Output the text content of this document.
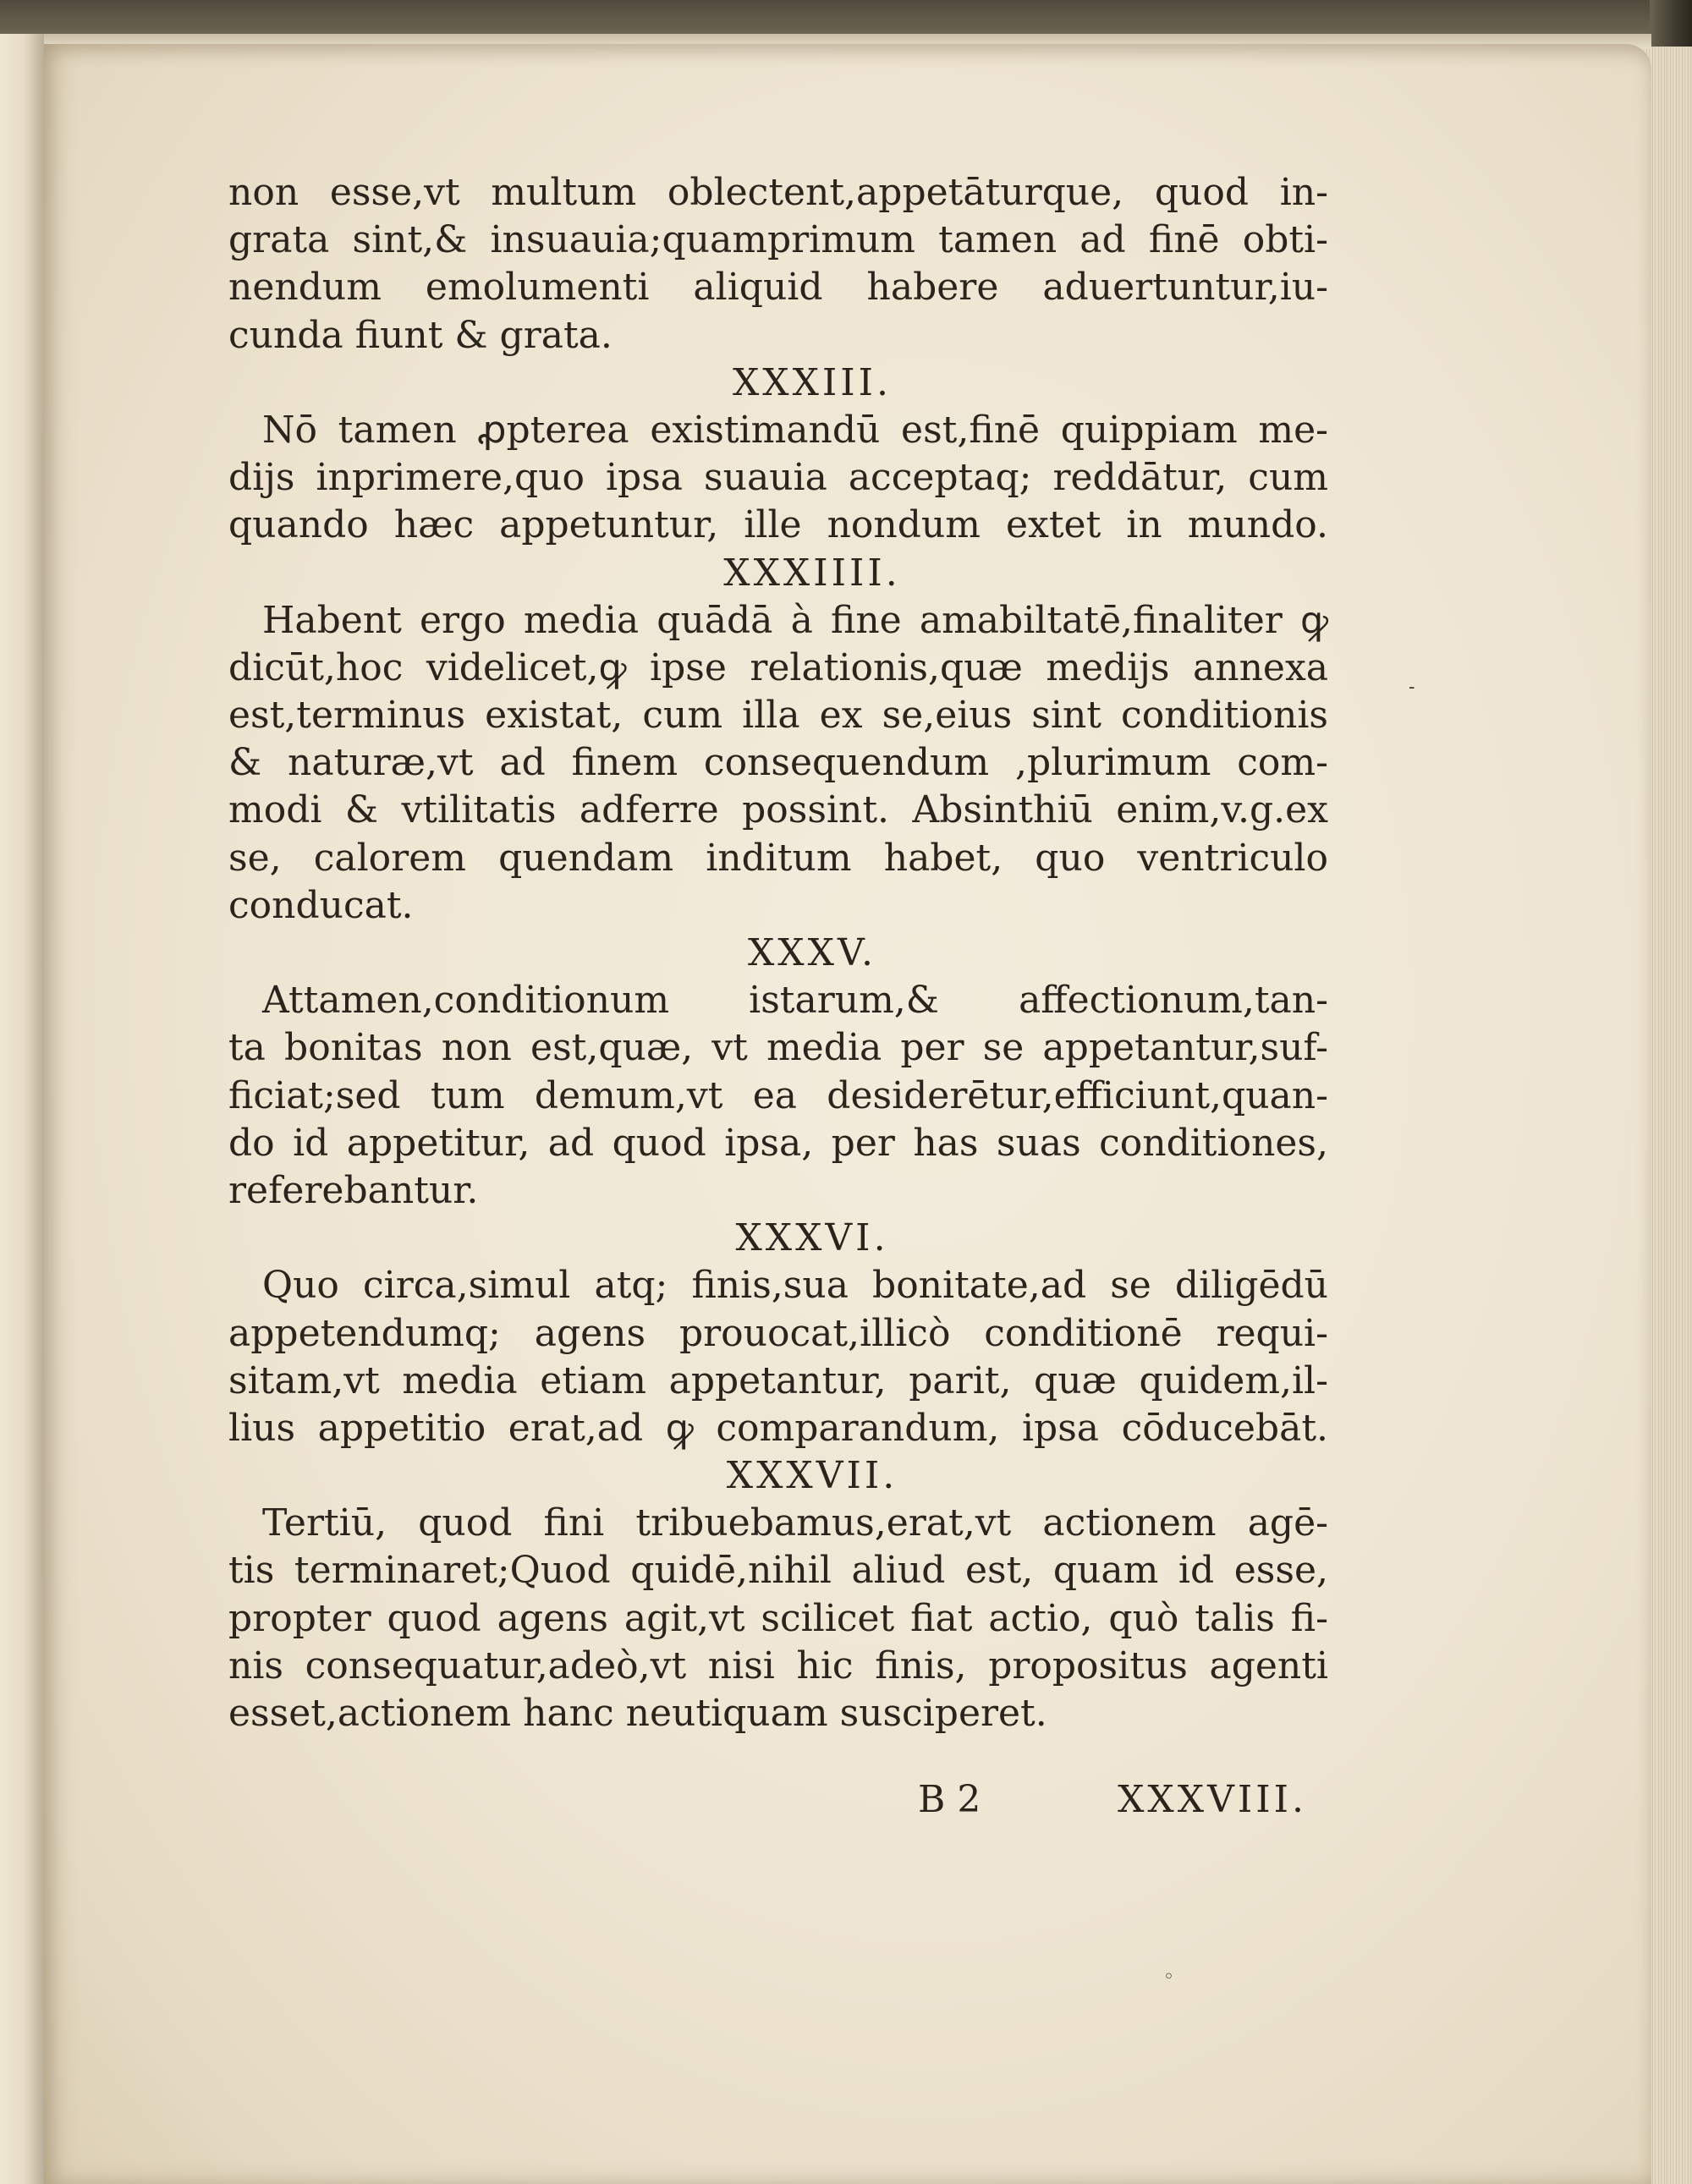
non esse,vt multum oblectent,appetāturque, quod in-
grata sint,& insuauia;quamprimum tamen ad finē obti-
nendum emolumenti aliquid habere aduertuntur,iu-
cunda fiunt & grata.
XXXIII.
Nō tamen ꝓpterea existimandū est,finē quippiam me-
dijs inprimere,quo ipsa suauia acceptaq; reddātur, cum
quando hæc appetuntur, ille nondum extet in mundo.
XXXIIII.
Habent ergo media quādā à fine amabiltatē,finaliter ꝙ
dicūt,hoc videlicet,ꝙ ipse relationis,quæ medijs annexa
est,terminus existat, cum illa ex se,eius sint conditionis
& naturæ,vt ad finem consequendum ,plurimum com-
modi & vtilitatis adferre possint. Absinthiū enim,v.g.ex
se, calorem quendam inditum habet, quo ventriculo
conducat.
XXXV.
Attamen,conditionum istarum,& affectionum,tan-
ta bonitas non est,quæ, vt media per se appetantur,suf-
ficiat;sed tum demum,vt ea desiderētur,efficiunt,quan-
do id appetitur, ad quod ipsa, per has suas conditiones,
referebantur.
XXXVI.
Quo circa,simul atq; finis,sua bonitate,ad se diligēdū
appetendumq; agens prouocat,illicò conditionē requi-
sitam,vt media etiam appetantur, parit, quæ quidem,il-
lius appetitio erat,ad ꝙ comparandum, ipsa cōducebāt.
XXXVII.
Tertiū, quod fini tribuebamus,erat,vt actionem agē-
tis terminaret;Quod quidē,nihil aliud est, quam id esse,
propter quod agens agit,vt scilicet fiat actio, quò talis fi-
nis consequatur,adeò,vt nisi hic finis, propositus agenti
esset,actionem hanc neutiquam susciperet.
B 2	XXXVIII.
-
◦
